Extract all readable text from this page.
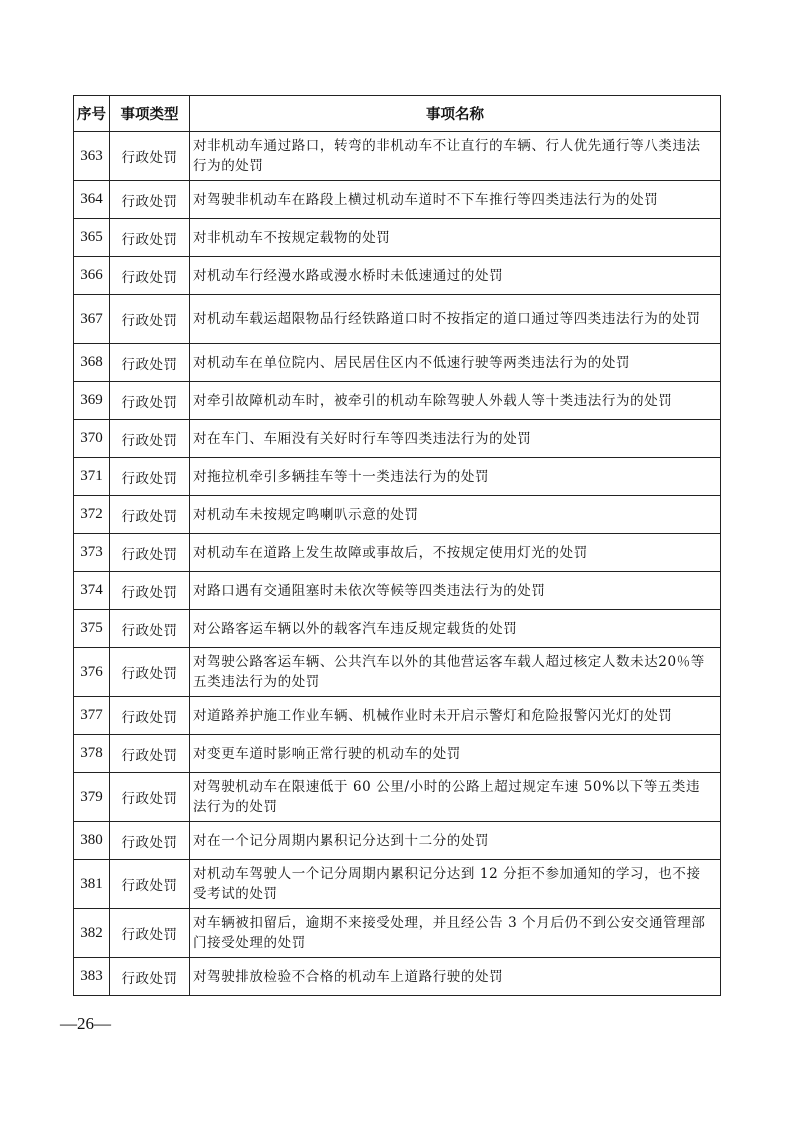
序号	事项类型	事项名称
363	行政处罚	对非机动车通过路口，转弯的非机动车不让直行的车辆、行人优先通行等八类违法行为的处罚
364	行政处罚	对驾驶非机动车在路段上横过机动车道时不下车推行等四类违法行为的处罚
365	行政处罚	对非机动车不按规定载物的处罚
366	行政处罚	对机动车行经漫水路或漫水桥时未低速通过的处罚
367	行政处罚	对机动车载运超限物品行经铁路道口时不按指定的道口通过等四类违法行为的处罚
368	行政处罚	对机动车在单位院内、居民居住区内不低速行驶等两类违法行为的处罚
369	行政处罚	对牵引故障机动车时，被牵引的机动车除驾驶人外载人等十类违法行为的处罚
370	行政处罚	对在车门、车厢没有关好时行车等四类违法行为的处罚
371	行政处罚	对拖拉机牵引多辆挂车等十一类违法行为的处罚
372	行政处罚	对机动车未按规定鸣喇叭示意的处罚
373	行政处罚	对机动车在道路上发生故障或事故后，不按规定使用灯光的处罚
374	行政处罚	对路口遇有交通阻塞时未依次等候等四类违法行为的处罚
375	行政处罚	对公路客运车辆以外的载客汽车违反规定载货的处罚
376	行政处罚	对驾驶公路客运车辆、公共汽车以外的其他营运客车载人超过核定人数未达20％等五类违法行为的处罚
377	行政处罚	对道路养护施工作业车辆、机械作业时未开启示警灯和危险报警闪光灯的处罚
378	行政处罚	对变更车道时影响正常行驶的机动车的处罚
379	行政处罚	对驾驶机动车在限速低于 60 公里/小时的公路上超过规定车速 50%以下等五类违法行为的处罚
380	行政处罚	对在一个记分周期内累积记分达到十二分的处罚
381	行政处罚	对机动车驾驶人一个记分周期内累积记分达到 12 分拒不参加通知的学习，也不接受考试的处罚
382	行政处罚	对车辆被扣留后，逾期不来接受处理，并且经公告 3 个月后仍不到公安交通管理部门接受处理的处罚
383	行政处罚	对驾驶排放检验不合格的机动车上道路行驶的处罚
—26—
